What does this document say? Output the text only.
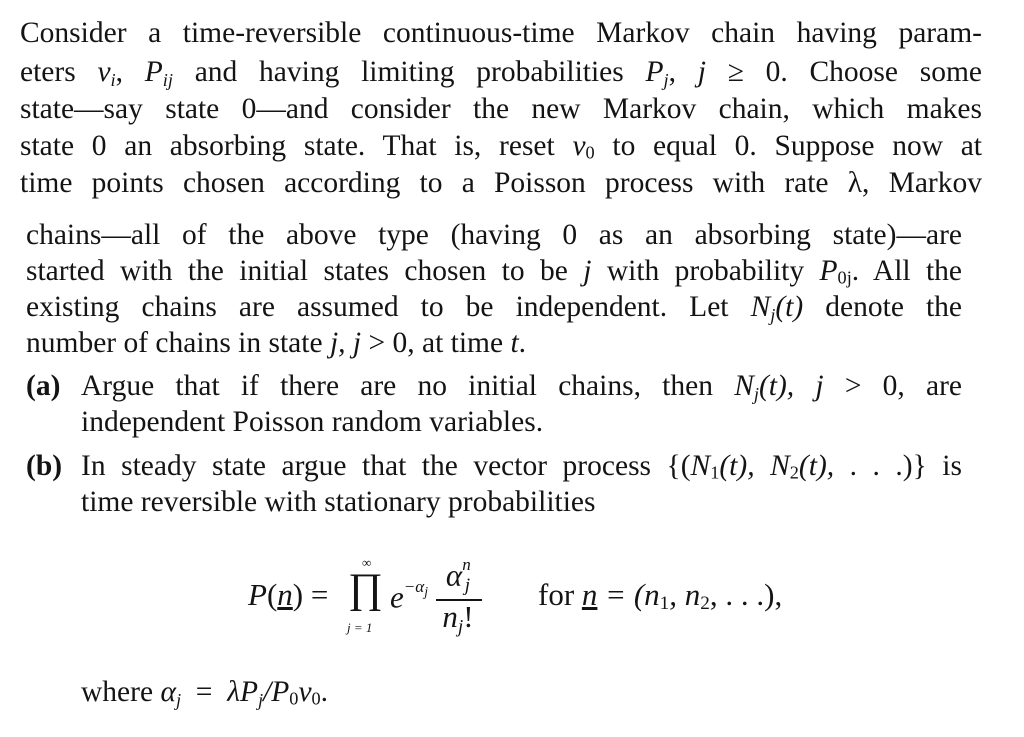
Consider a time-reversible continuous-time Markov chain having param-
eters $\nu_i$, $P_{ij}$ and having limiting probabilities $P_j$, j ≥ 0. Choose some
state—say state 0—and consider the new Markov chain, which makes
state 0 an absorbing state. That is, reset ν0 to equal 0. Suppose now at
time points chosen according to a Poisson process with rate λ, Markov
chains—all of the above type (having 0 as an absorbing state)—are
started with the initial states chosen to be j with probability P0j. All the
existing chains are assumed to be independent. Let $N_j(t)$ denote the
number of chains in state j, j > 0, at time t.
(a) Argue that if there are no initial chains, then $N_j(t)$, j > 0, are
independent Poisson random variables.
(b) In steady state argue that the vector process {(N1(t), N2(t), . . .)} is
time reversible with stationary probabilities
P(n) =
∞
∏
j = 1
$e^{-\alpha_j}$ $\alpha^n_j$
$n_j$!
for n = (n1, n2, . . .),
where $\alpha_j = \lambda P_j/P0\nu 0$.
